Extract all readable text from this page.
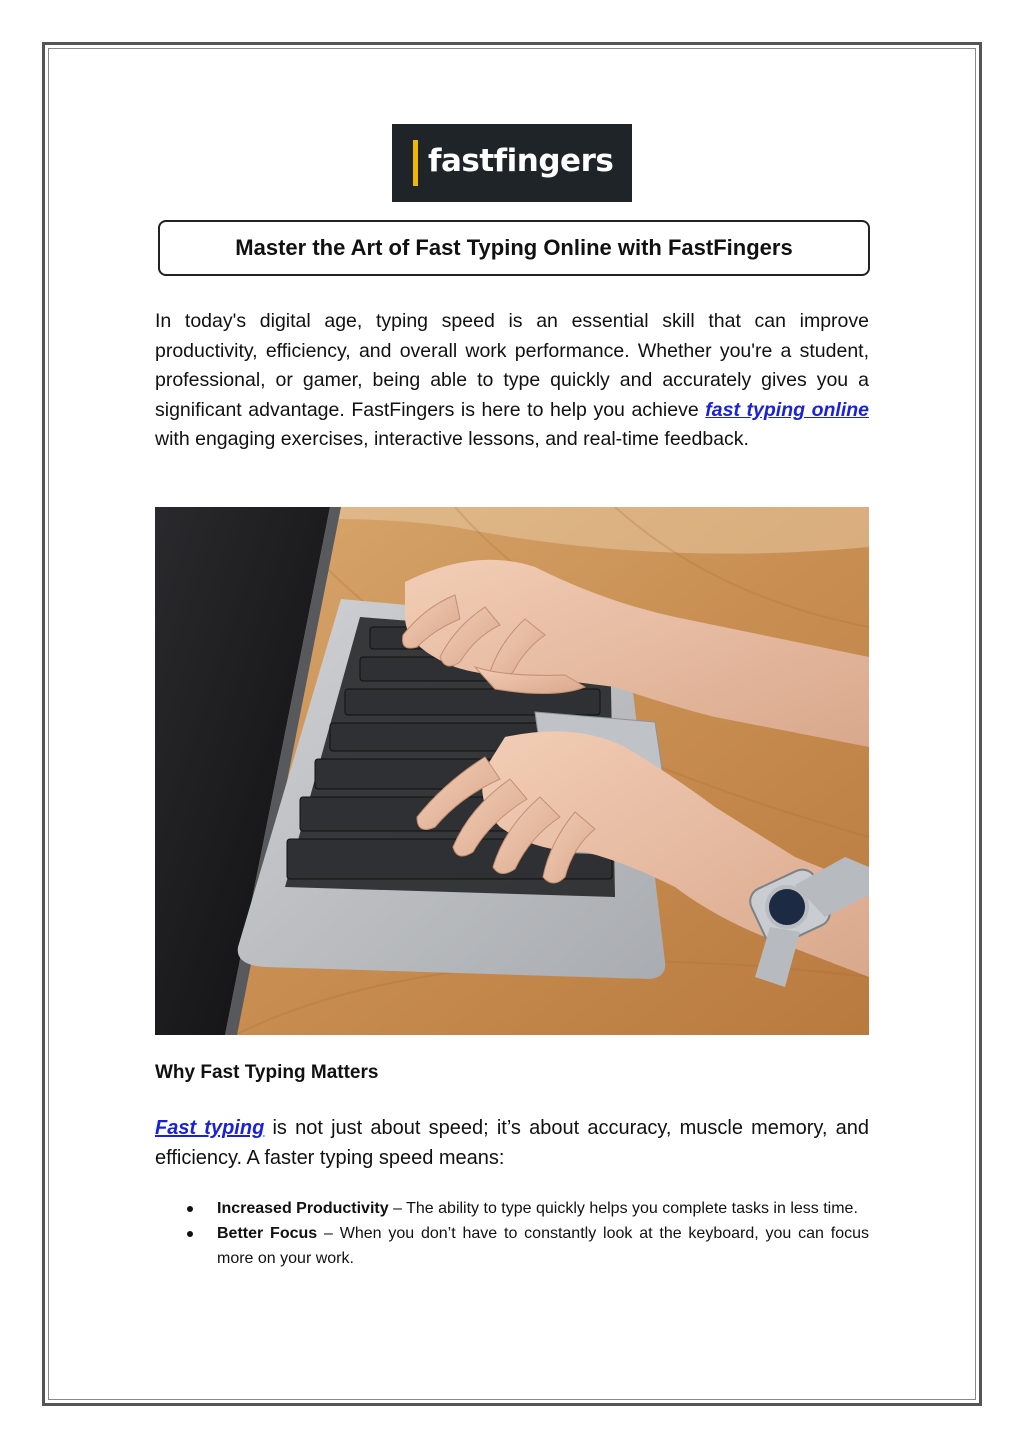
fastfingers
Master the Art of Fast Typing Online with FastFingers

In today's digital age, typing speed is an essential skill that can improve productivity, efficiency, and overall work performance. Whether you're a student, professional, or gamer, being able to type quickly and accurately gives you a significant advantage. FastFingers is here to help you achieve fast typing online with engaging exercises, interactive lessons, and real-time feedback.

Why Fast Typing Matters

Fast typing is not just about speed; it’s about accuracy, muscle memory, and efficiency. A faster typing speed means:

Increased Productivity – The ability to type quickly helps you complete tasks in less time.
Better Focus – When you don’t have to constantly look at the keyboard, you can focus more on your work.
